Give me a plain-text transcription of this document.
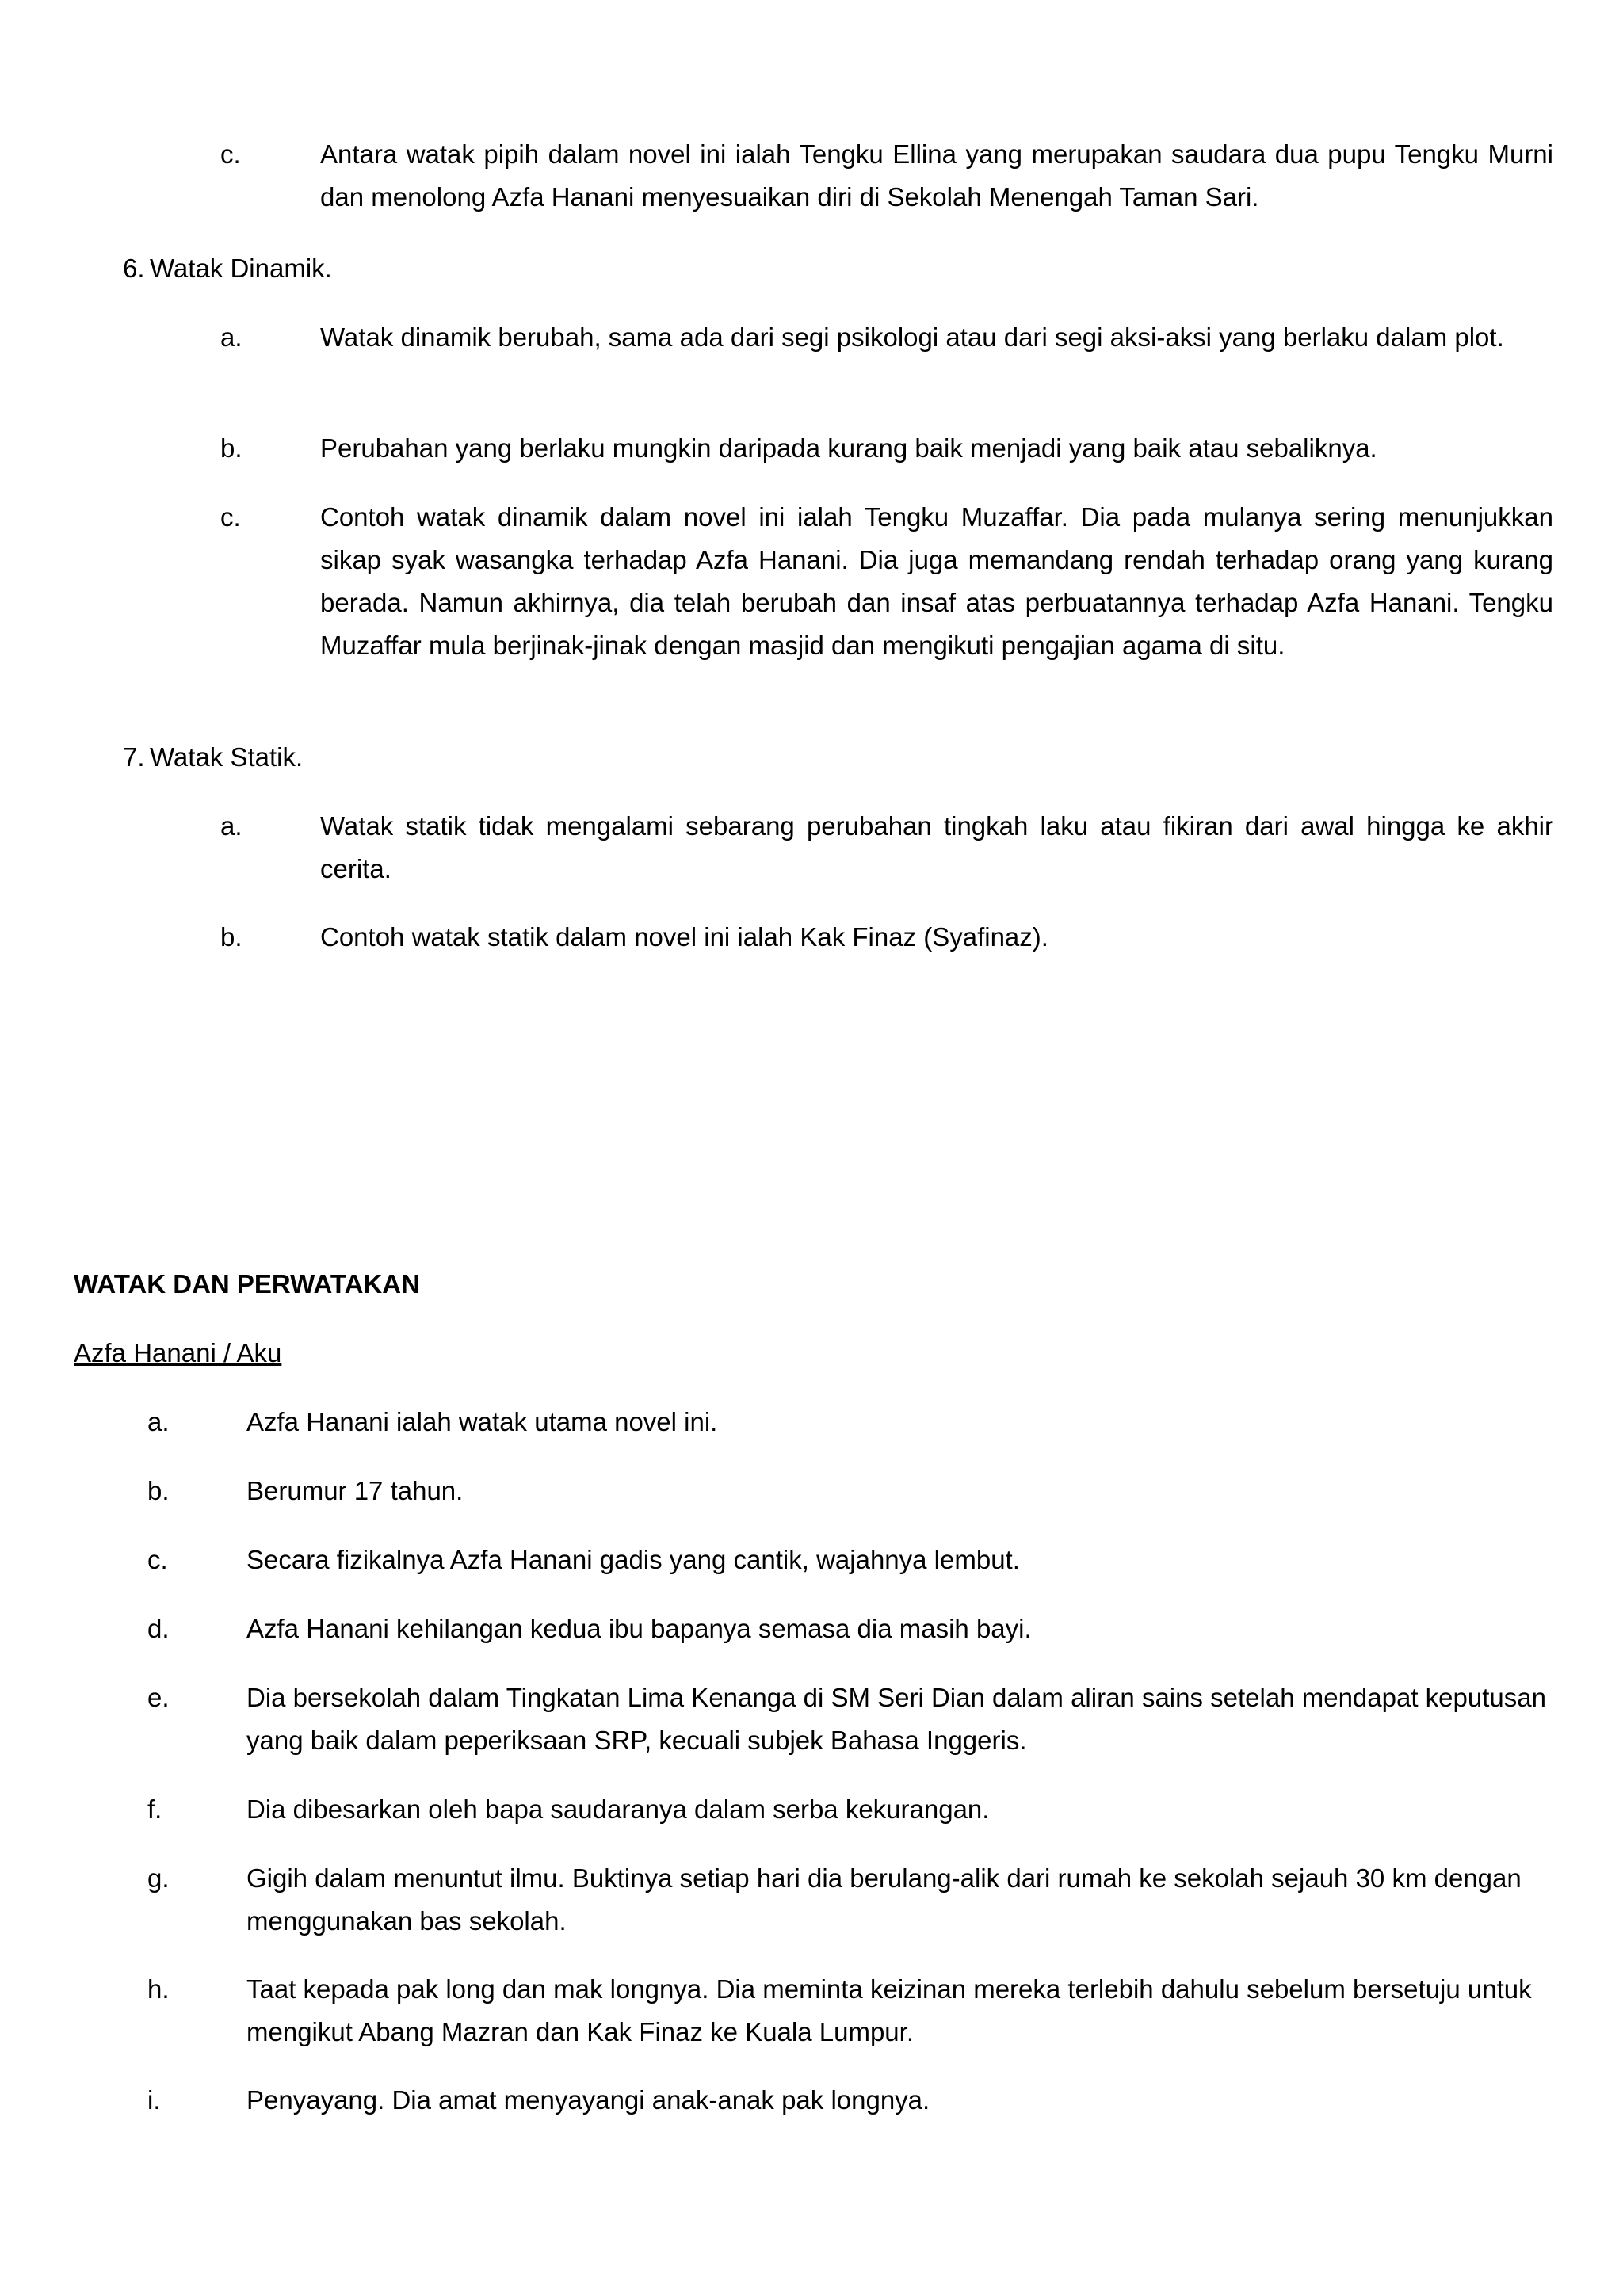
c.	Antara watak pipih dalam novel ini ialah Tengku Ellina yang merupakan saudara dua pupu Tengku Murni dan menolong Azfa Hanani menyesuaikan diri di Sekolah Menengah Taman Sari.
6. Watak Dinamik.
a.	Watak dinamik berubah, sama ada dari segi psikologi atau dari segi aksi-aksi yang berlaku dalam plot.
b.	Perubahan yang berlaku mungkin daripada kurang baik menjadi yang baik atau sebaliknya.
c.	Contoh watak dinamik dalam novel ini ialah Tengku Muzaffar. Dia pada mulanya sering menunjukkan sikap syak wasangka terhadap Azfa Hanani. Dia juga memandang rendah terhadap orang yang kurang berada. Namun akhirnya, dia telah berubah dan insaf atas perbuatannya terhadap Azfa Hanani. Tengku Muzaffar mula berjinak-jinak dengan masjid dan mengikuti pengajian agama di situ.
7. Watak Statik.
a.	Watak statik tidak mengalami sebarang perubahan tingkah laku atau fikiran dari awal hingga ke akhir cerita.
b.	Contoh watak statik dalam novel ini ialah Kak Finaz (Syafinaz).
WATAK DAN PERWATAKAN
Azfa Hanani / Aku
a.	Azfa Hanani ialah watak utama novel ini.
b.	Berumur 17 tahun.
c.	Secara fizikalnya Azfa Hanani gadis yang cantik, wajahnya lembut.
d.	Azfa Hanani kehilangan kedua ibu bapanya semasa dia masih bayi.
e.	Dia bersekolah dalam Tingkatan Lima Kenanga di SM Seri Dian dalam aliran sains setelah mendapat keputusan yang baik dalam peperiksaan SRP, kecuali subjek Bahasa Inggeris.
f.	Dia dibesarkan oleh bapa saudaranya dalam serba kekurangan.
g.	Gigih dalam menuntut ilmu. Buktinya setiap hari dia berulang-alik dari rumah ke sekolah sejauh 30 km dengan menggunakan bas sekolah.
h.	Taat kepada pak long dan mak longnya. Dia meminta keizinan mereka terlebih dahulu sebelum bersetuju untuk mengikut Abang Mazran dan Kak Finaz ke Kuala Lumpur.
i.	Penyayang. Dia amat menyayangi anak-anak pak longnya.
